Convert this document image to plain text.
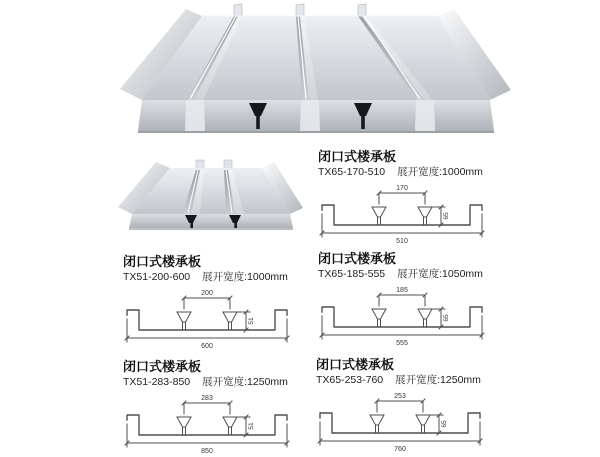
闭口式楼承板

TX65-170-510 展开宽度:1000mm

170
65
510
闭口式楼承板

TX51-200-600 展开宽度:1000mm

200
51
600
闭口式楼承板

TX65-185-555 展开宽度:1050mm

185
65
555
闭口式楼承板

TX51-283-850 展开宽度:1250mm

283
51
850
闭口式楼承板

TX65-253-760 展开宽度:1250mm

253
65
760
